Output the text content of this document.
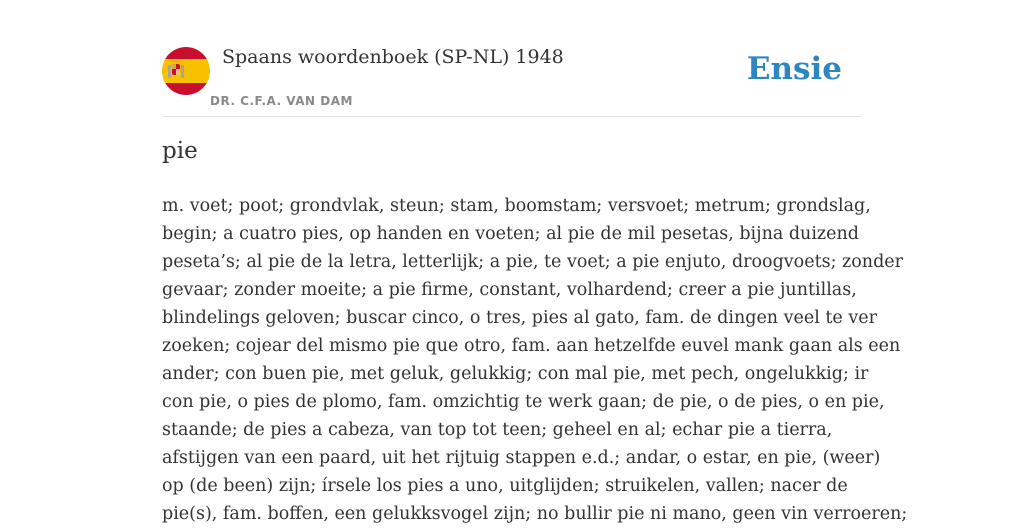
Spaans woordenboek (SP-NL) 1948
DR. C.F.A. VAN DAM
Ensie
pie
m. voet; poot; grondvlak, steun; stam, boomstam; versvoet; metrum; grondslag,
begin; a cuatro pies, op handen en voeten; al pie de mil pesetas, bijna duizend
peseta’s; al pie de la letra, letterlijk; a pie, te voet; a pie enjuto, droogvoets; zonder
gevaar; zonder moeite; a pie firme, constant, volhardend; creer a pie juntillas,
blindelings geloven; buscar cinco, o tres, pies al gato, fam. de dingen veel te ver
zoeken; cojear del mismo pie que otro, fam. aan hetzelfde euvel mank gaan als een
ander; con buen pie, met geluk, gelukkig; con mal pie, met pech, ongelukkig; ir
con pie, o pies de plomo, fam. omzichtig te werk gaan; de pie, o de pies, o en pie,
staande; de pies a cabeza, van top tot teen; geheel en al; echar pie a tierra,
afstijgen van een paard, uit het rijtuig stappen e.d.; andar, o estar, en pie, (weer)
op (de been) zijn; írsele los pies a uno, uitglijden; struikelen, vallen; nacer de
pie(s), fam. boffen, een gelukksvogel zijn; no bullir pie ni mano, geen vin verroeren;
